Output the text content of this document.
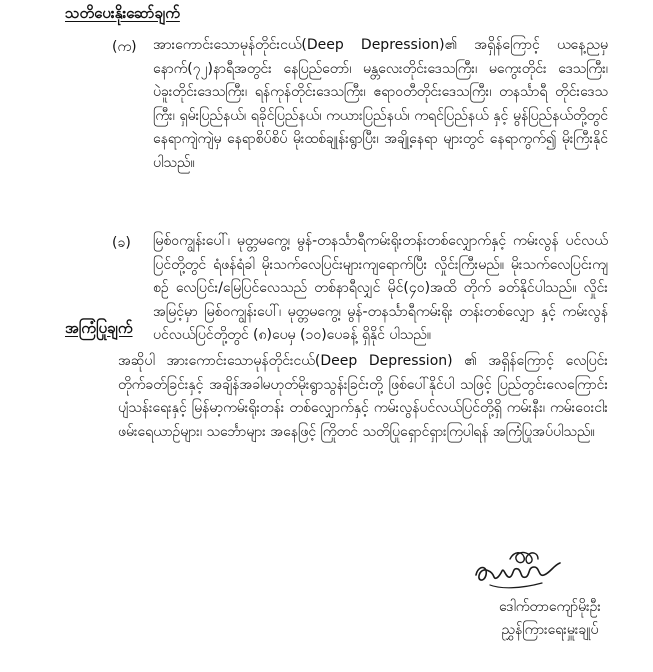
သတိပေးနိုးဆော်ချက်
(က) အားကောင်းသောမုန်တိုင်းငယ်(Deep Depression)၏ အရှိန်ကြောင့် ယနေ့ညမှ နောက်(၇၂)နာရီအတွင်း နေပြည်တော်၊ မန္တလေးတိုင်းဒေသကြီး၊ မကွေးတိုင်း ဒေသကြီး၊ ပဲခူးတိုင်းဒေသကြီး၊ ရန်ကုန်တိုင်းဒေသကြီး၊ ဧရာဝတီတိုင်းဒေသကြီး၊ တနင်္သာရီ တိုင်းဒေသကြီး၊ ရှမ်းပြည်နယ်၊ ရခိုင်ပြည်နယ်၊ ကယားပြည်နယ်၊ ကရင်ပြည်နယ် နှင့် မွန်ပြည်နယ်တို့တွင် နေရာကျဲကျဲမှ နေရာစိပ်စိပ် မိုးထစ်ချုန်းရွာပြီး၊ အချို့နေရာ များတွင် နေရာကွက်၍ မိုးကြီးနိုင်ပါသည်။
(ခ) မြစ်ဝကျွန်းပေါ်၊ မုတ္တမကွေ့၊ မွန်-တနင်္သာရီကမ်းရိုးတန်းတစ်လျှောက်နှင့် ကမ်းလွန် ပင်လယ်ပြင်တို့တွင် ရံဖန်ရံခါ မိုးသက်လေပြင်းများကျရောက်ပြီး လှိုင်းကြီးမည်။ မိုးသက်လေပြင်းကျစဉ် လေပြင်း/မြေပြင်လေသည် တစ်နာရီလျှင် မိုင်(၄၀)အထိ တိုက် ခတ်နိုင်ပါသည်။ လှိုင်းအမြင့်မှာ မြစ်ဝကျွန်းပေါ်၊ မုတ္တမကွေ့၊ မွန်-တနင်္သာရီကမ်းရိုး တန်းတစ်လျှော နှင့် ကမ်းလွန်ပင်လယ်ပြင်တို့တွင် (၈)ပေမှ (၁၀)ပေခန့် ရှိနိုင် ပါသည်။
အကြံပြုချက်
အဆိုပါ အားကောင်းသောမုန်တိုင်းငယ်(Deep Depression) ၏ အရှိန်ကြောင့် လေပြင်းတိုက်ခတ်ခြင်းနှင့် အချိန်အခါမဟုတ်မိုးရွာသွန်းခြင်းတို့ ဖြစ်ပေါ်နိုင်ပါ သဖြင့် ပြည်တွင်းလေကြောင်းပျံသန်းရေးနှင့် မြန်မာ့ကမ်းရိုးတန်း တစ်လျှောက်နှင့် ကမ်းလွန်ပင်လယ်ပြင်တို့ရှိ ကမ်းနီး၊ ကမ်းဝေးငါးဖမ်းရေယာဉ်များ၊ သင်္ဘောများ အနေဖြင့် ကြိုတင် သတိပြုရှောင်ရှားကြပါရန် အကြံပြုအပ်ပါသည်။
ဒေါက်တာကျော်မိုးဦး
ညွှန်ကြားရေးမှူးချုပ်
